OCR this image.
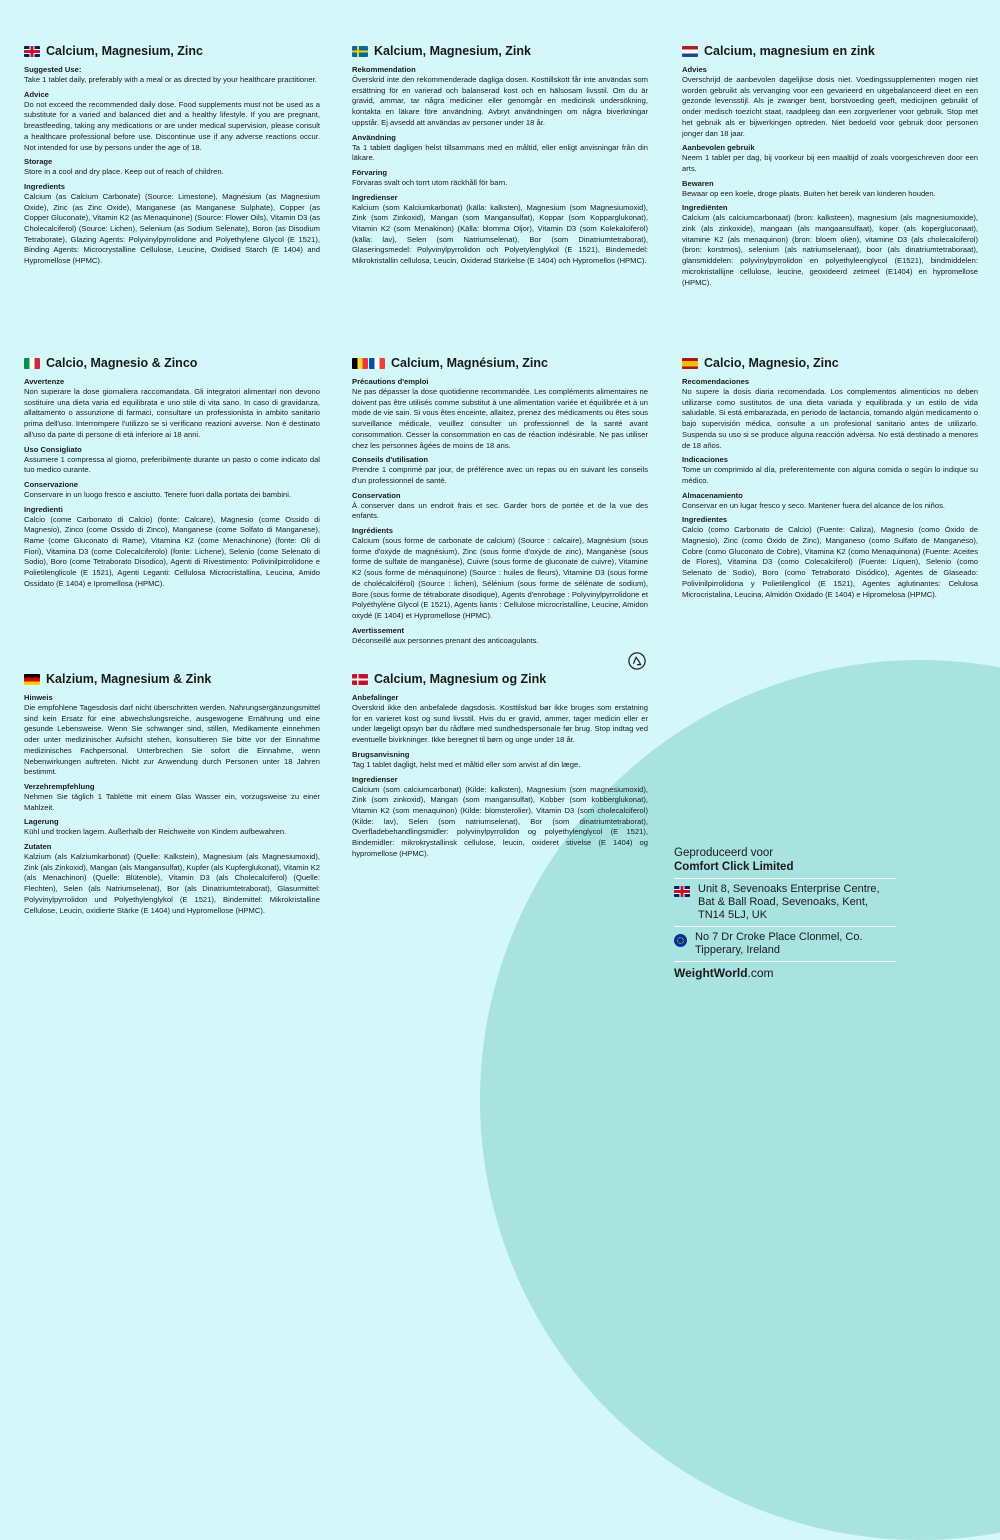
Calcium, Magnesium, Zinc
Suggested Use:
Take 1 tablet daily, preferably with a meal or as directed by your healthcare practitioner.
Advice
Do not exceed the recommended daily dose. Food supplements must not be used as a substitute for a varied and balanced diet and a healthy lifestyle. If you are pregnant, breastfeeding, taking any medications or are under medical supervision, please consult a healthcare professional before use. Discontinue use if any adverse reactions occur. Not intended for use by persons under the age of 18.
Storage
Store in a cool and dry place. Keep out of reach of children.
Ingredients
Calcium (as Calcium Carbonate) (Source: Limestone), Magnesium (as Magnesium Oxide), Zinc (as Zinc Oxide), Manganese (as Manganese Sulphate), Copper (as Copper Gluconate), Vitamin K2 (as Menaquinone) (Source: Flower Oils), Vitamin D3 (as Cholecalciferol) (Source: Lichen), Selenium (as Sodium Selenate), Boron (as Disodium Tetraborate), Glazing Agents: Polyvinylpyrrolidone and Polyethylene Glycol (E 1521), Binding Agents: Microcrystalline Cellulose, Leucine, Oxidised Starch (E 1404) and Hypromellose (HPMC).
Kalcium, Magnesium, Zink
Rekommendation
Överskrid inte den rekommenderade dagliga dosen. Kosttillskott får inte användas som ersättning för en varierad och balanserad kost och en hälsosam livsstil. Om du är gravid, ammar, tar några mediciner eller genomgår en medicinsk undersökning, kontakta en läkare före användning. Avbryt användningen om några biverkningar uppstår. Ej avsedd att användas av personer under 18 år.
Användning
Ta 1 tablett dagligen helst tillsammans med en måltid, eller enligt anvisningar från din läkare.
Förvaring
Förvaras svalt och torrt utom räckhåll för barn.
Ingredienser
Kalcium (som Kalciumkarbonat) (källa: kalksten), Magnesium (som Magnesiumoxid), Zink (som Zinkoxid), Mangan (som Mangansulfat), Koppar (som Kopparglukonat), Vitamin K2 (som Menakinon) (Källa: blomma Oljor), Vitamin D3 (som Kolekalciferol) (källa: lav), Selen (som Natriumselenat), Bor (som Dinatriumtetraborat), Glaseringsmedel: Polyvinylpyrrolidon och Polyetylenglykol (E 1521), Bindemedel: Mikrokristallin cellulosa, Leucin, Oxiderad Stärkelse (E 1404) och Hypromellos (HPMC).
Calcium, magnesium en zink
Advies
Overschrijd de aanbevolen dagelijkse dosis niet. Voedingssupplementen mogen niet worden gebruikt als vervanging voor een gevarieerd en uitgebalanceerd dieet en een gezonde levensstijl. Als je zwanger bent, borstvoeding geeft, medicijnen gebruikt of onder medisch toezicht staat, raadpleeg dan een zorgverlener voor gebruik. Stop met het gebruik als er bijwerkingen optreden. Niet bedoeld voor gebruik door personen jonger dan 18 jaar.
Aanbevolen gebruik
Neem 1 tablet per dag, bij voorkeur bij een maaltijd of zoals voorgeschreven door een arts.
Bewaren
Bewaar op een koele, droge plaats. Buiten het bereik van kinderen houden.
Ingrediënten
Calcium (als calciumcarbonaat) (bron: kalksteen), magnesium (als magnesiumoxide), zink (als zinkoxide), mangaan (als mangaansulfaat), koper (als kopergluconaat), vitamine K2 (als menaquinon) (bron: bloem oliën), vitamine D3 (als cholecalciferol) (bron: korstmos), selenium (als natriumselenaat), boor (als dinatriumtetraboraat), glansmiddelen: polyvinylpyrrolidon en polyethyleenglycol (E1521), bindmiddelen: microkristallijne cellulose, leucine, geoxideerd zetmeel (E1404) en hypromellose (HPMC).
Calcio, Magnesio & Zinco
Avvertenze
Non superare la dose giornaliera raccomandata. Gli integratori alimentari non devono sostituire una dieta varia ed equilibrata e uno stile di vita sano. In caso di gravidanza, allattamento o assunzione di farmaci, consultare un professionista in ambito sanitario prima dell'uso. Interrompere l'utilizzo se si verificano reazioni avverse. Non è destinato all'uso da parte di persone di età inferiore ai 18 anni.
Uso Consigliato
Assumere 1 compressa al giorno, preferibilmente durante un pasto o come indicato dal tuo medico curante.
Conservazione
Conservare in un luogo fresco e asciutto. Tenere fuori dalla portata dei bambini.
Ingredienti
Calcio (come Carbonato di Calcio) (fonte: Calcare), Magnesio (come Ossido di Magnesio), Zinco (come Ossido di Zinco), Manganese (come Solfato di Manganese), Rame (come Gluconato di Rame), Vitamina K2 (come Menachinone) (fonte: Oli di Fiori), Vitamina D3 (come Colecalciferolo) (fonte: Lichene), Selenio (come Selenato di Sodio), Boro (come Tetraborato Disodico), Agenti di Rivestimento: Polivinilpirrolidone e Polietilenglicole (E 1521), Agenti Leganti: Cellulosa Microcristallina, Leucina, Amido Ossidato (E 1404) e Ipromellosa (HPMC).
Calcium, Magnésium, Zinc
Précautions d'emploi
Ne pas dépasser la dose quotidienne recommandée. Les compléments alimentaires ne doivent pas être utilisés comme substitut à une alimentation variée et équilibrée et à un mode de vie sain. Si vous êtes enceinte, allaitez, prenez des médicaments ou êtes sous surveillance médicale, veuillez consulter un professionnel de la santé avant consommation. Cesser la consommation en cas de réaction indésirable. Ne pas utiliser chez les personnes âgées de moins de 18 ans.
Conseils d'utilisation
Prendre 1 comprimé par jour, de préférence avec un repas ou en suivant les conseils d'un professionnel de santé.
Conservation
À conserver dans un endroit frais et sec. Garder hors de portée et de la vue des enfants.
Ingrédients
Calcium (sous forme de carbonate de calcium) (Source : calcaire), Magnésium (sous forme d'oxyde de magnésium), Zinc (sous forme d'oxyde de zinc), Manganèse (sous forme de sulfate de manganèse), Cuivre (sous forme de gluconate de cuivre), Vitamine K2 (sous forme de ménaquinone) (Source : huiles de fleurs), Vitamine D3 (sous forme de cholécalciférol) (Source : lichen), Sélénium (sous forme de sélénate de sodium), Bore (sous forme de tétraborate disodique), Agents d'enrobage : Polyvinylpyrrolidone et Polyéthylène Glycol (E 1521), Agents liants : Cellulose microcristalline, Leucine, Amidon oxydé (E 1404) et Hypromellose (HPMC).
Avertissement
Déconseillé aux personnes prenant des anticoagulants.
Calcio, Magnesio, Zinc
Recomendaciones
No supere la dosis diaria recomendada. Los complementos alimenticios no deben utilizarse como sustitutos de una dieta variada y equilibrada y un estilo de vida saludable. Si está embarazada, en periodo de lactancia, tomando algún medicamento o bajo supervisión médica, consulte a un profesional sanitario antes de utilizarlo. Suspenda su uso si se produce alguna reacción adversa. No está destinado a menores de 18 años.
Indicaciones
Tome un comprimido al día, preferentemente con alguna comida o según lo indique su médico.
Almacenamiento
Conservar en un lugar fresco y seco. Mantener fuera del alcance de los niños.
Ingredientes
Calcio (como Carbonato de Calcio) (Fuente: Caliza), Magnesio (como Óxido de Magnesio), Zinc (como Óxido de Zinc), Manganeso (como Sulfato de Manganeso), Cobre (como Gluconato de Cobre), Vitamina K2 (como Menaquinona) (Fuente: Aceites de Flores), Vitamina D3 (como Colecalciferol) (Fuente: Líquen), Selenio (como Selenato de Sodio), Boro (como Tetraborato Disódico), Agentes de Glaseado: Polivinilpirrolidona y Polietilenglicol (E 1521), Agentes aglutinantes: Celulosa Microcristalina, Leucina, Almidón Oxidado (E 1404) e Hipromelosa (HPMC).
Kalzium, Magnesium & Zink
Hinweis
Die empfohlene Tagesdosis darf nicht überschritten werden. Nahrungsergänzungsmittel sind kein Ersatz für eine abwechslungsreiche, ausgewogene Ernährung und eine gesunde Lebensweise. Wenn Sie schwanger sind, stillen, Medikamente einnehmen oder unter medizinischer Aufsicht stehen, konsultieren Sie bitte vor der Einnahme medizinisches Fachpersonal. Unterbrechen Sie sofort die Einnahme, wenn Nebenwirkungen auftreten. Nicht zur Anwendung durch Personen unter 18 Jahren bestimmt.
Verzehrempfehlung
Nehmen Sie täglich 1 Tablette mit einem Glas Wasser ein, vorzugsweise zu einer Mahlzeit.
Lagerung
Kühl und trocken lagern. Außerhalb der Reichweite von Kindern aufbewahren.
Zutaten
Kalzium (als Kalziumkarbonat) (Quelle: Kalkstein), Magnesium (als Magnesiumoxid), Zink (als Zinkoxid), Mangan (als Mangansulfat), Kupfer (als Kupferglukonat), Vitamin K2 (als Menachinon) (Quelle: Blütenöle), Vitamin D3 (als Cholecalciferol) (Quelle: Flechten), Selen (als Natriumselenat), Bor (als Dinatriumtetraborat), Glasurmittel: Polyvinylpyrrolidon und Polyethylenglykol (E 1521), Bindemittel: Mikrokristalline Cellulose, Leucin, oxidierte Stärke (E 1404) und Hypromellose (HPMC).
Calcium, Magnesium og Zink
Anbefalinger
Overskrid ikke den anbefalede dagsdosis. Kosttilskud bør ikke bruges som erstatning for en varieret kost og sund livsstil. Hvis du er gravid, ammer, tager medicin eller er under lægeligt opsyn bør du rådføre med sundhedspersonale før brug. Stop indtag ved eventuelle bivirkninger. Ikke beregnet til børn og unge under 18 år.
Brugsanvisning
Tag 1 tablet dagligt, helst med et måltid eller som anvist af din læge.
Ingredienser
Calcium (som calciumcarbonat) (Kilde: kalksten), Magnesium (som magnesiumoxid), Zink (som zinkoxid), Mangan (som mangansulfat), Kobber (som kobberglukonat), Vitamin K2 (som menaquinon) (Kilde: blomsterolier), Vitamin D3 (som cholecalciferol) (Kilde: lav), Selen (som natriumselenat), Bor (som dinatriumtetraborat), Overfladebehandlingsmidler: polyvinylpyrrolidon og polyethylenglycol (E 1521), Bindemidler: mikrokrystallinsk cellulose, leucin, oxideret stivelse (E 1404) og hypromellose (HPMC).	Geproduceerd voor
Comfort Click Limited
Unit 8, Sevenoaks Enterprise Centre, Bat & Ball Road, Sevenoaks, Kent, TN14 5LJ, UK
No 7 Dr Croke Place Clonmel, Co. Tipperary, Ireland
WeightWorld.com
